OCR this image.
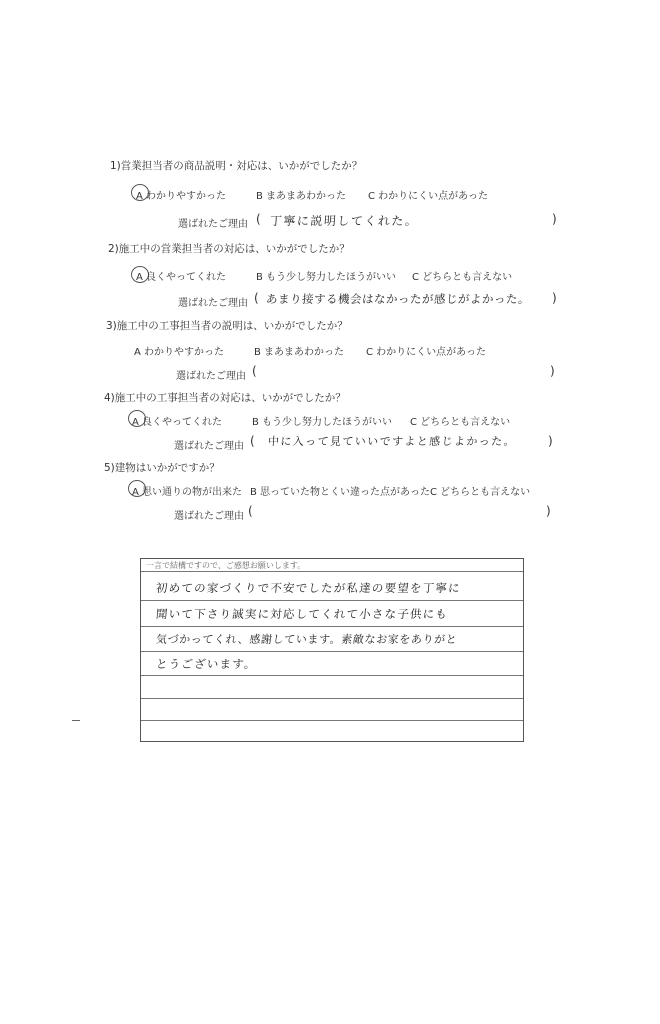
1)営業担当者の商品説明・対応は、いかがでしたか？
A わかりやすかった	B まあまあわかった C わかりにくい点があった
選ばれたご理由 ( 丁寧に説明してくれた。	)
2)施工中の営業担当者の対応は、いかがでしたか？
A 良くやってくれた	B もう少し努力したほうがいい C どちらとも言えない
選ばれたご理由 ( あまり接する機会はなかったが感じがよかった。 )
3)施工中の工事担当者の説明は、いかがでしたか？
A わかりやすかった	B まあまあわかった C わかりにくい点があった
選ばれたご理由 (	)
4)施工中の工事担当者の対応は、いかがでしたか？
A 良くやってくれた	B もう少し努力したほうがいい C どちらとも言えない
選ばれたご理由 ( 中に入って見ていいですよと感じよかった。	)
5)建物はいかがですか？
A 思い通りの物が出来た B 思っていた物とくい違った点があった C どちらとも言えない
選ばれたご理由 (	)
一言で結構ですので、ご感想お願いします。
初めての家づくりで不安でしたが私達の要望を丁寧に
聞いて下さり誠実に対応してくれて小さな子供にも
気づかってくれ、感謝しています。素敵なお家をありがと
とうございます。
